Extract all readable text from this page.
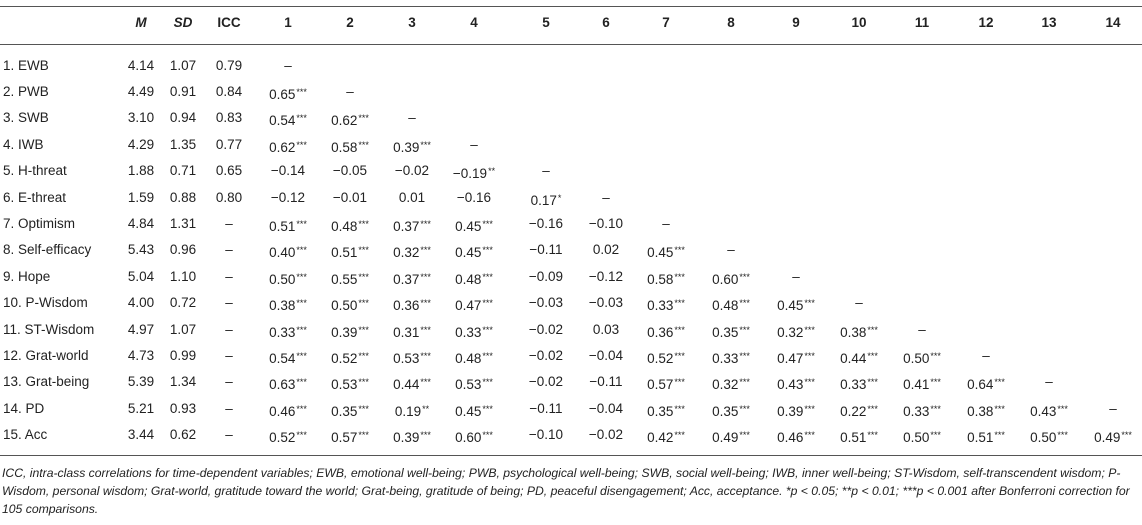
M	SD	ICC	1	2	3	4	5	6	7	8	9	10	11	12	13	14
1. EWB	4.14	1.07	0.79	–
2. PWB	4.49	0.91	0.84	0.65***	–
3. SWB	3.10	0.94	0.83	0.54***	0.62***	–
4. IWB	4.29	1.35	0.77	0.62***	0.58***	0.39***	–
5. H-threat	1.88	0.71	0.65	−0.14	−0.05	−0.02	−0.19**	–
6. E-threat	1.59	0.88	0.80	−0.12	−0.01	0.01	−0.16	0.17*	–
7. Optimism	4.84	1.31	–	0.51***	0.48***	0.37***	0.45***	−0.16	−0.10	–
8. Self-efficacy	5.43	0.96	–	0.40***	0.51***	0.32***	0.45***	−0.11	0.02	0.45***	–
9. Hope	5.04	1.10	–	0.50***	0.55***	0.37***	0.48***	−0.09	−0.12	0.58***	0.60***	–
10. P-Wisdom	4.00	0.72	–	0.38***	0.50***	0.36***	0.47***	−0.03	−0.03	0.33***	0.48***	0.45***	–
11. ST-Wisdom	4.97	1.07	–	0.33***	0.39***	0.31***	0.33***	−0.02	0.03	0.36***	0.35***	0.32***	0.38***	–
12. Grat-world	4.73	0.99	–	0.54***	0.52***	0.53***	0.48***	−0.02	−0.04	0.52***	0.33***	0.47***	0.44***	0.50***	–
13. Grat-being	5.39	1.34	–	0.63***	0.53***	0.44***	0.53***	−0.02	−0.11	0.57***	0.32***	0.43***	0.33***	0.41***	0.64***	–
14. PD	5.21	0.93	–	0.46***	0.35***	0.19**	0.45***	−0.11	−0.04	0.35***	0.35***	0.39***	0.22***	0.33***	0.38***	0.43***	–
15. Acc	3.44	0.62	–	0.52***	0.57***	0.39***	0.60***	−0.10	−0.02	0.42***	0.49***	0.46***	0.51***	0.50***	0.51***	0.50***	0.49***
ICC, intra-class correlations for time-dependent variables; EWB, emotional well-being; PWB, psychological well-being; SWB, social well-being; IWB, inner well-being; ST-Wisdom, self-transcendent wisdom; P-Wisdom, personal wisdom; Grat-world, gratitude toward the world; Grat-being, gratitude of being; PD, peaceful disengagement; Acc, acceptance. *p < 0.05; **p < 0.01; ***p < 0.001 after Bonferroni correction for 105 comparisons.
